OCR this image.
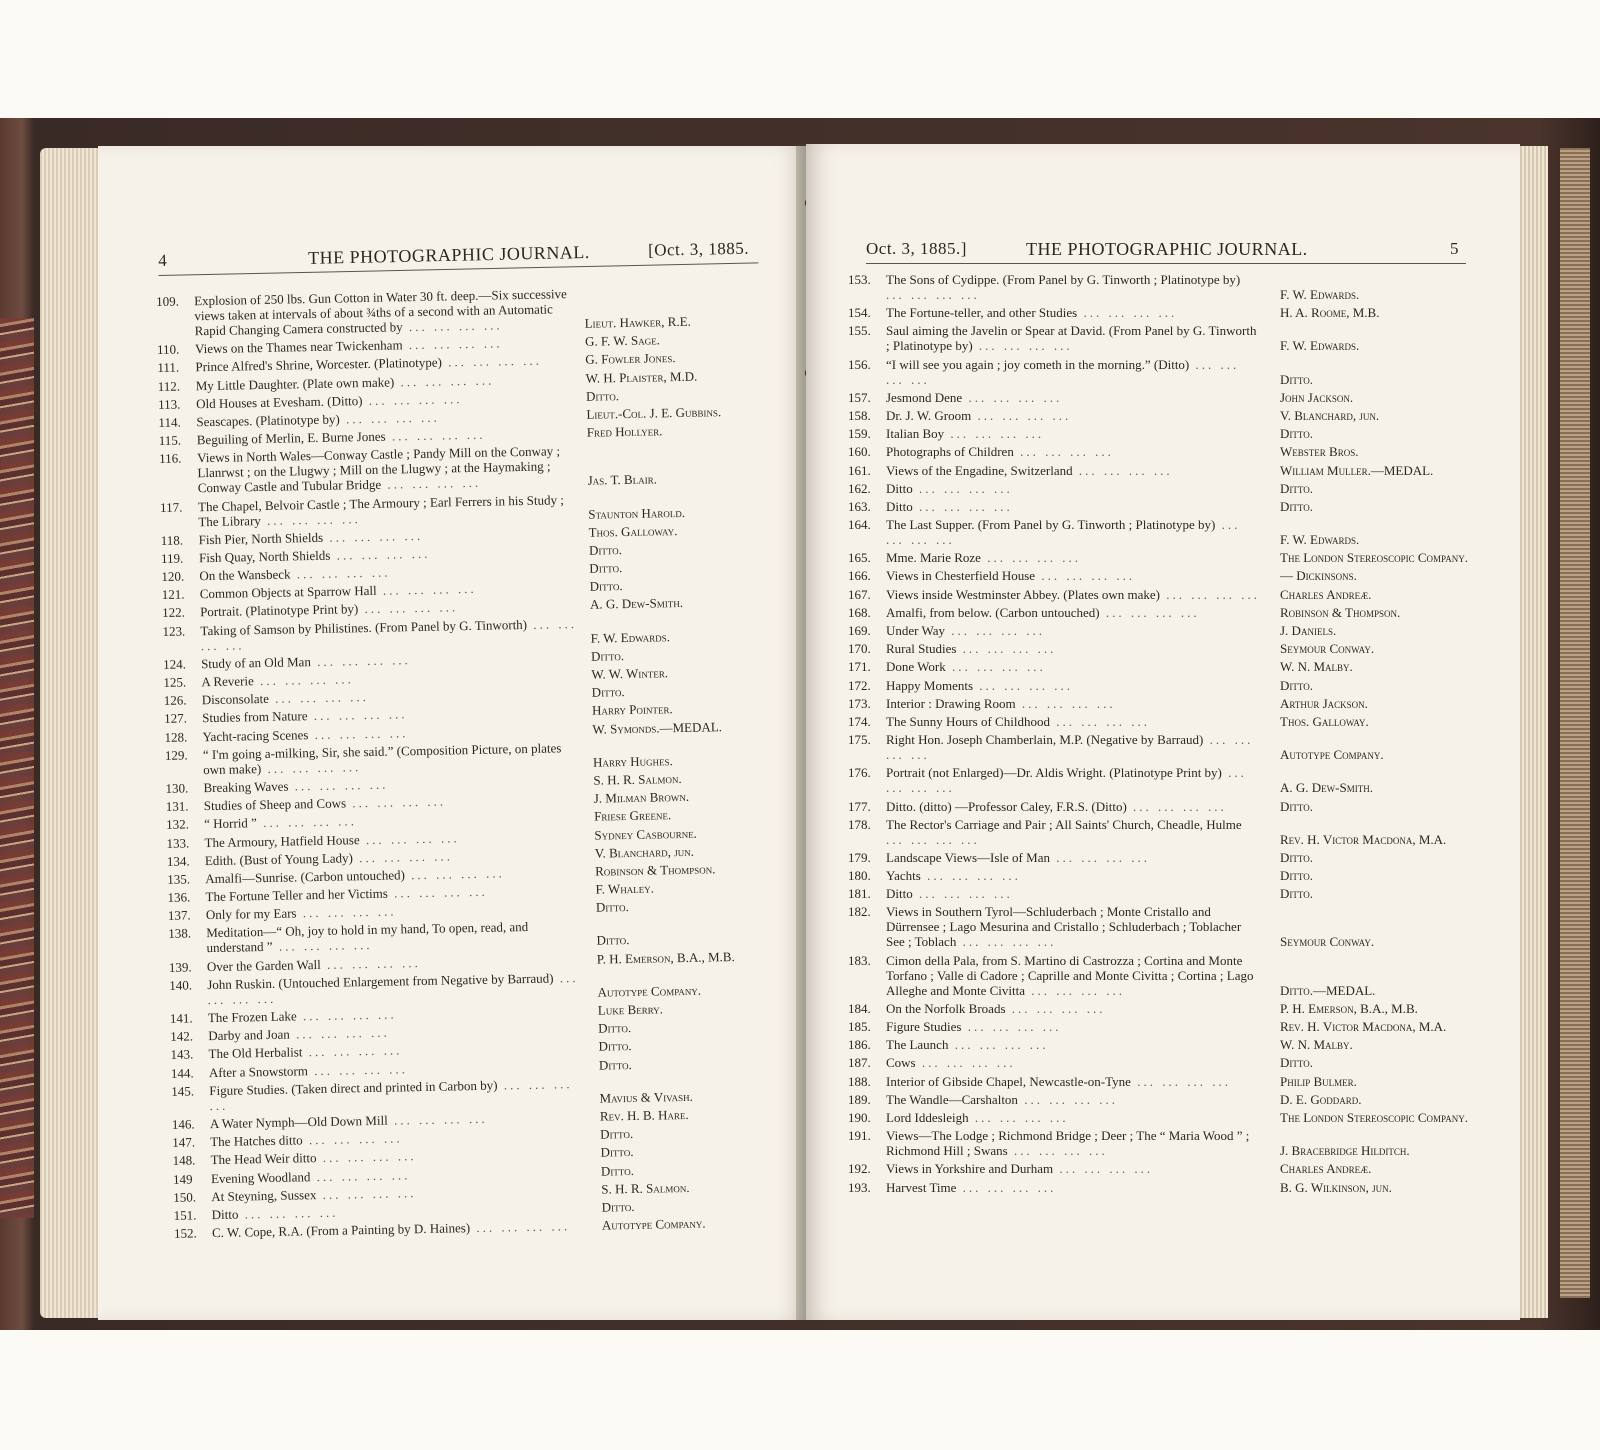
4	THE PHOTOGRAPHIC JOURNAL.	[Oct. 3, 1885.
109.	Explosion of 250 lbs. Gun Cotton in Water 30 ft. deep.—Six successive views taken at intervals of about ¾ths of a second with an Automatic Rapid Changing Camera constructed by ... .	Lieut. Hawker, R.E.
110.	Views on the Thames near Twickenham ... .	G. F. W. Sage.
111.	Prince Alfred's Shrine, Worcester. (Platinotype) ... .	G. Fowler Jones.
112.	My Little Daughter. (Plate own make) ... .	W. H. Plaister, M.D.
113.	Old Houses at Evesham. (Ditto) ... .	Ditto.
114.	Seascapes. (Platinotype by) ... .	Lieut.-Col. J. E. Gubbins.
115.	Beguiling of Merlin, E. Burne Jones ... .	Fred Hollyer.
116.	Views in North Wales—Conway Castle ; Pandy Mill on the Conway ; Llanrwst ; on the Llugwy ; Mill on the Llugwy ; at the Haymaking ; Conway Castle and Tubular Bridge ... .	Jas. T. Blair.
117.	The Chapel, Belvoir Castle ; The Armoury ; Earl Ferrers in his Study ; The Library ... .	Staunton Harold.
118.	Fish Pier, North Shields ... .	Thos. Galloway.
119.	Fish Quay, North Shields ... .	Ditto.
120.	On the Wansbeck ... .	Ditto.
121.	Common Objects at Sparrow Hall ... .	Ditto.
122.	Portrait. (Platinotype Print by) ... .	A. G. Dew-Smith.
123.	Taking of Samson by Philistines. (From Panel by G. Tinworth) ... .	F. W. Edwards.
124.	Study of an Old Man ... .	Ditto.
125.	A Reverie ... .	W. W. Winter.
126.	Disconsolate ... .	Ditto.
127.	Studies from Nature ... .	Harry Pointer.
128.	Yacht-racing Scenes ... .	W. Symonds.—MEDAL.
129.	“ I'm going a-milking, Sir, she said.” (Composition Picture, on plates own make) ... .	Harry Hughes.
130.	Breaking Waves ... .	S. H. R. Salmon.
131.	Studies of Sheep and Cows ... .	J. Milman Brown.
132.	“ Horrid ” ... .	Friese Greene.
133.	The Armoury, Hatfield House ... .	Sydney Casbourne.
134.	Edith. (Bust of Young Lady) ... .	V. Blanchard, jun.
135.	Amalfi—Sunrise. (Carbon untouched) ... .	Robinson & Thompson.
136.	The Fortune Teller and her Victims ... .	F. Whaley.
137.	Only for my Ears ... .	Ditto.
138.	Meditation—“ Oh, joy to hold in my hand, To open, read, and understand ” ... .	Ditto.
139.	Over the Garden Wall ... .	P. H. Emerson, B.A., M.B.
140.	John Ruskin. (Untouched Enlargement from Negative by Barraud) ... .	Autotype Company.
141.	The Frozen Lake ... .	Luke Berry.
142.	Darby and Joan ... .	Ditto.
143.	The Old Herbalist ... .	Ditto.
144.	After a Snowstorm ... .	Ditto.
145.	Figure Studies. (Taken direct and printed in Carbon by) ... .	Mavius & Vivash.
146.	A Water Nymph—Old Down Mill ... .	Rev. H. B. Hare.
147.	The Hatches ditto ... .	Ditto.
148.	The Head Weir ditto ... .	Ditto.
149	Evening Woodland ... .	Ditto.
150.	At Steyning, Sussex ... .	S. H. R. Salmon.
151.	Ditto ... .	Ditto.
152.	C. W. Cope, R.A. (From a Painting by D. Haines) ... .	Autotype Company.
Oct. 3, 1885.]	THE PHOTOGRAPHIC JOURNAL.	5
153.	The Sons of Cydippe. (From Panel by G. Tinworth ; Platinotype by) ... .
F. W. Edwards.
154.	The Fortune-teller, and other Studies ... .	H. A. Roome, M.B.
155.	Saul aiming the Javelin or Spear at David. (From Panel by G. Tinworth ; Platinotype by) ... .	F. W. Edwards.
156.	“I will see you again ; joy cometh in the morning.” (Ditto) ... .
Ditto.
157.	Jesmond Dene ... .	John Jackson.
158.	Dr. J. W. Groom ... .	V. Blanchard, jun.
159.	Italian Boy ... .	Ditto.
160.	Photographs of Children ... .	Webster Bros.
161.	Views of the Engadine, Switzerland ... .	William Muller.—MEDAL.
162.	Ditto ... .	Ditto.
163.	Ditto ... .	Ditto.
164.	The Last Supper. (From Panel by G. Tinworth ; Platinotype by) ... .
F. W. Edwards.
165.	Mme. Marie Roze ... .	The London Stereoscopic Company.
166.	Views in Chesterfield House ... .	— Dickinsons.
167.	Views inside Westminster Abbey. (Plates own make) ... .	Charles Andreæ.
168.	Amalfi, from below. (Carbon untouched) ... .	Robinson & Thompson.
169.	Under Way ... .	J. Daniels.
170.	Rural Studies ... .	Seymour Conway.
171.	Done Work ... .	W. N. Malby.
172.	Happy Moments ... .	Ditto.
173.	Interior : Drawing Room ... .	Arthur Jackson.
174.	The Sunny Hours of Childhood ... .	Thos. Galloway.
175.	Right Hon. Joseph Chamberlain, M.P. (Negative by Barraud) ... .
Autotype Company.
176.	Portrait (not Enlarged)—Dr. Aldis Wright. (Platinotype Print by) ... .
A. G. Dew-Smith.
177.	Ditto. (ditto) —Professor Caley, F.R.S. (Ditto) ... .	Ditto.
178.	The Rector's Carriage and Pair ; All Saints' Church, Cheadle, Hulme ... .
Rev. H. Victor Macdona, M.A.
179.	Landscape Views—Isle of Man ... .	Ditto.
180.	Yachts ... .	Ditto.
181.	Ditto ... .	Ditto.
182.	Views in Southern Tyrol—Schluderbach ; Monte Cristallo and Dürrensee ; Lago Mesurina and Cristallo ; Schluderbach ; Toblacher See ; Toblach ... .	Seymour Conway.
183.	Cimon della Pala, from S. Martino di Castrozza ; Cortina and Monte Torfano ; Valle di Cadore ; Caprille and Monte Civitta ; Cortina ; Lago Alleghe and Monte Civitta ... .	Ditto.—MEDAL.
184.	On the Norfolk Broads ... .	P. H. Emerson, B.A., M.B.
185.	Figure Studies ... .	Rev. H. Victor Macdona, M.A.
186.	The Launch ... .	W. N. Malby.
187.	Cows ... .	Ditto.
188.	Interior of Gibside Chapel, Newcastle-on-Tyne ... .	Philip Bulmer.
189.	The Wandle—Carshalton ... .	D. E. Goddard.
190.	Lord Iddesleigh ... .	The London Stereoscopic Company.
191.	Views—The Lodge ; Richmond Bridge ; Deer ; The “ Maria Wood ” ; Richmond Hill ; Swans ... .	J. Bracebridge Hilditch.
192.	Views in Yorkshire and Durham ... .	Charles Andreæ.
193.	Harvest Time ... .	B. G. Wilkinson, jun.
